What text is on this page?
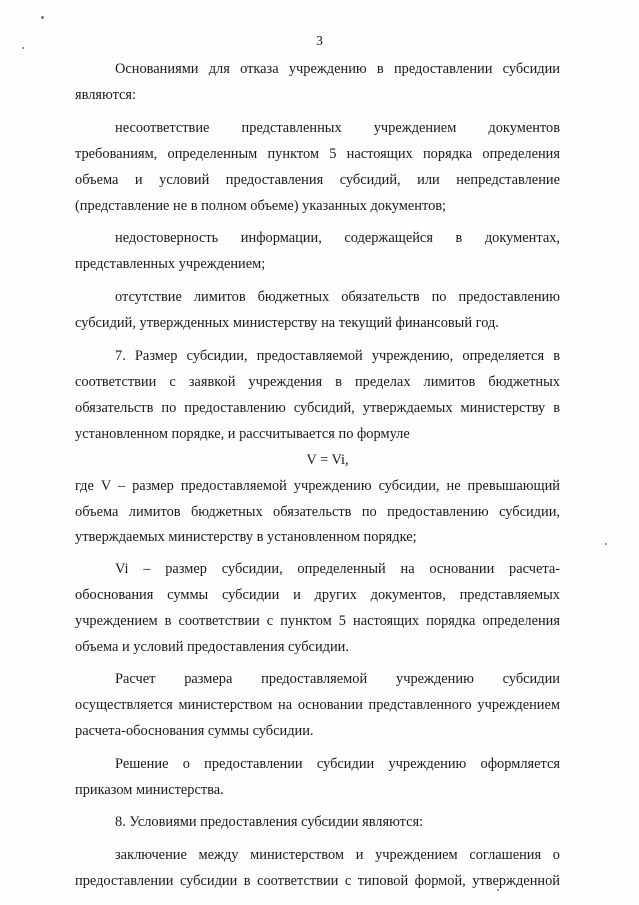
3

Основаниями для отказа учреждению в предоставлении субсидии являются:

несоответствие представленных учреждением документов требованиям, определенным пунктом 5 настоящих порядка определения объема и условий предоставления субсидий, или непредставление (представление не в полном объеме) указанных документов;

недостоверность информации, содержащейся в документах, представленных учреждением;

отсутствие лимитов бюджетных обязательств по предоставлению субсидий, утвержденных министерству на текущий финансовый год.

7. Размер субсидии, предоставляемой учреждению, определяется в соответствии с заявкой учреждения в пределах лимитов бюджетных обязательств по предоставлению субсидий, утверждаемых министерству в установленном порядке, и рассчитывается по формуле

V = Vi,

где V – размер предоставляемой учреждению субсидии, не превышающий объема лимитов бюджетных обязательств по предоставлению субсидии, утверждаемых министерству в установленном порядке;

Vi – размер субсидии, определенный на основании расчета-обоснования суммы субсидии и других документов, представляемых учреждением в соответствии с пунктом 5 настоящих порядка определения объема и условий предоставления субсидии.

Расчет размера предоставляемой учреждению субсидии осуществляется министерством на основании представленного учреждением расчета-обоснования суммы субсидии.

Решение о предоставлении субсидии учреждению оформляется приказом министерства.

8. Условиями предоставления субсидии являются:

заключение между министерством и учреждением соглашения о предоставлении субсидии в соответствии с типовой формой, утвержденной
